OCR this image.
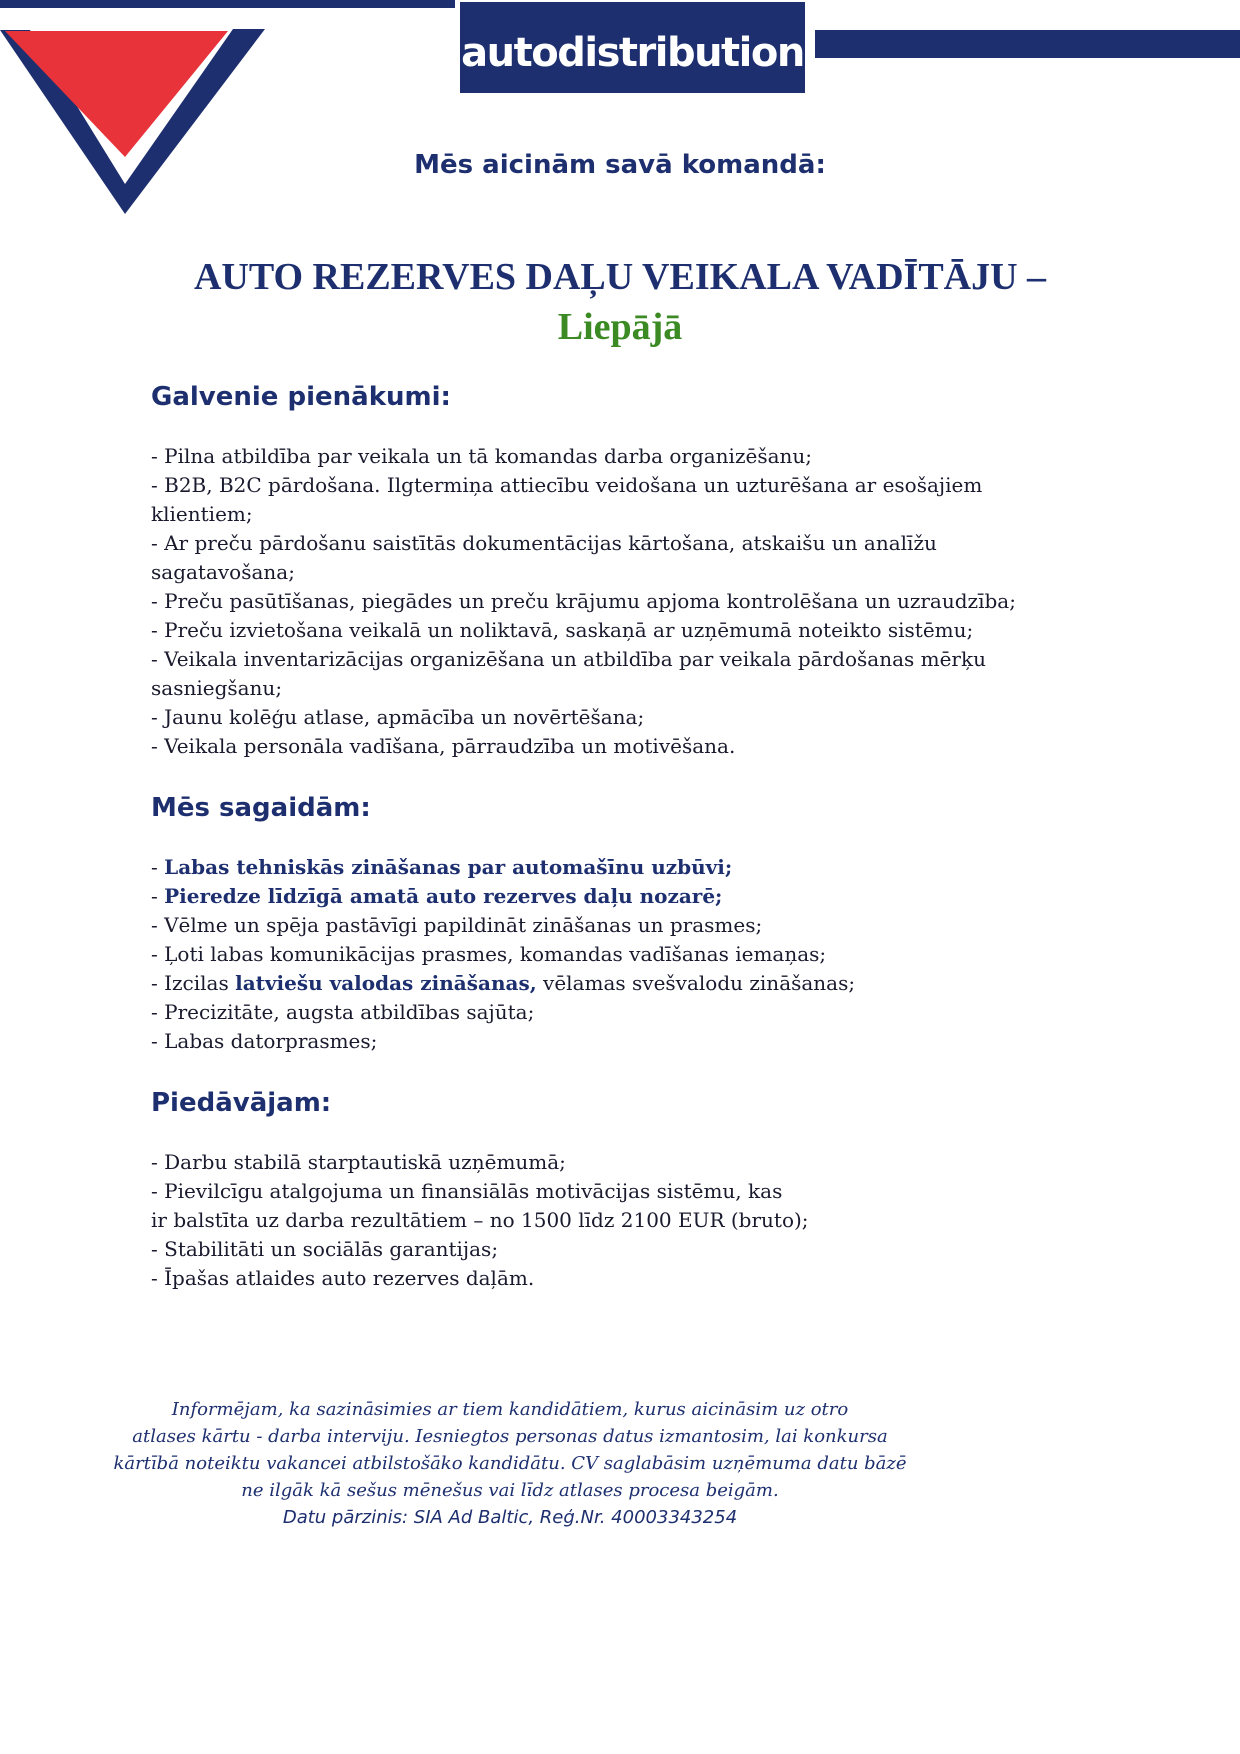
autodistribution
Mēs aicinām savā komandā:
AUTO REZERVES DAĻU VEIKALA VADĪTĀJU –
Liepājā
Galvenie pienākumi:
- Pilna atbildība par veikala un tā komandas darba organizēšanu;
- B2B, B2C pārdošana. Ilgtermiņa attiecību veidošana un uzturēšana ar esošajiem klientiem;
- Ar preču pārdošanu saistītās dokumentācijas kārtošana, atskaišu un analīžu sagatavošana;
- Preču pasūtīšanas, piegādes un preču krājumu apjoma kontrolēšana un uzraudzība;
- Preču izvietošana veikalā un noliktavā, saskaņā ar uzņēmumā noteikto sistēmu;
- Veikala inventarizācijas organizēšana un atbildība par veikala pārdošanas mērķu sasniegšanu;
- Jaunu kolēģu atlase, apmācība un novērtēšana;
- Veikala personāla vadīšana, pārraudzība un motivēšana.
Mēs sagaidām:
- Labas tehniskās zināšanas par automašīnu uzbūvi;
- Pieredze līdzīgā amatā auto rezerves daļu nozarē;
- Vēlme un spēja pastāvīgi papildināt zināšanas un prasmes;
- Ļoti labas komunikācijas prasmes, komandas vadīšanas iemaņas;
- Izcilas latviešu valodas zināšanas, vēlamas svešvalodu zināšanas;
- Precizitāte, augsta atbildības sajūta;
- Labas datorprasmes;
Piedāvājam:
- Darbu stabilā starptautiskā uzņēmumā;
- Pievilcīgu atalgojuma un finansiālās motivācijas sistēmu, kas
ir balstīta uz darba rezultātiem – no 1500 līdz 2100 EUR (bruto);
- Stabilitāti un sociālās garantijas;
- Īpašas atlaides auto rezerves daļām.
Informējam, ka sazināsimies ar tiem kandidātiem, kurus aicināsim uz otro
atlases kārtu - darba interviju. Iesniegtos personas datus izmantosim, lai konkursa
kārtībā noteiktu vakancei atbilstošāko kandidātu. CV saglabāsim uzņēmuma datu bāzē
ne ilgāk kā sešus mēnešus vai līdz atlases procesa beigām.
Datu pārzinis: SIA Ad Baltic, Reģ.Nr. 40003343254
